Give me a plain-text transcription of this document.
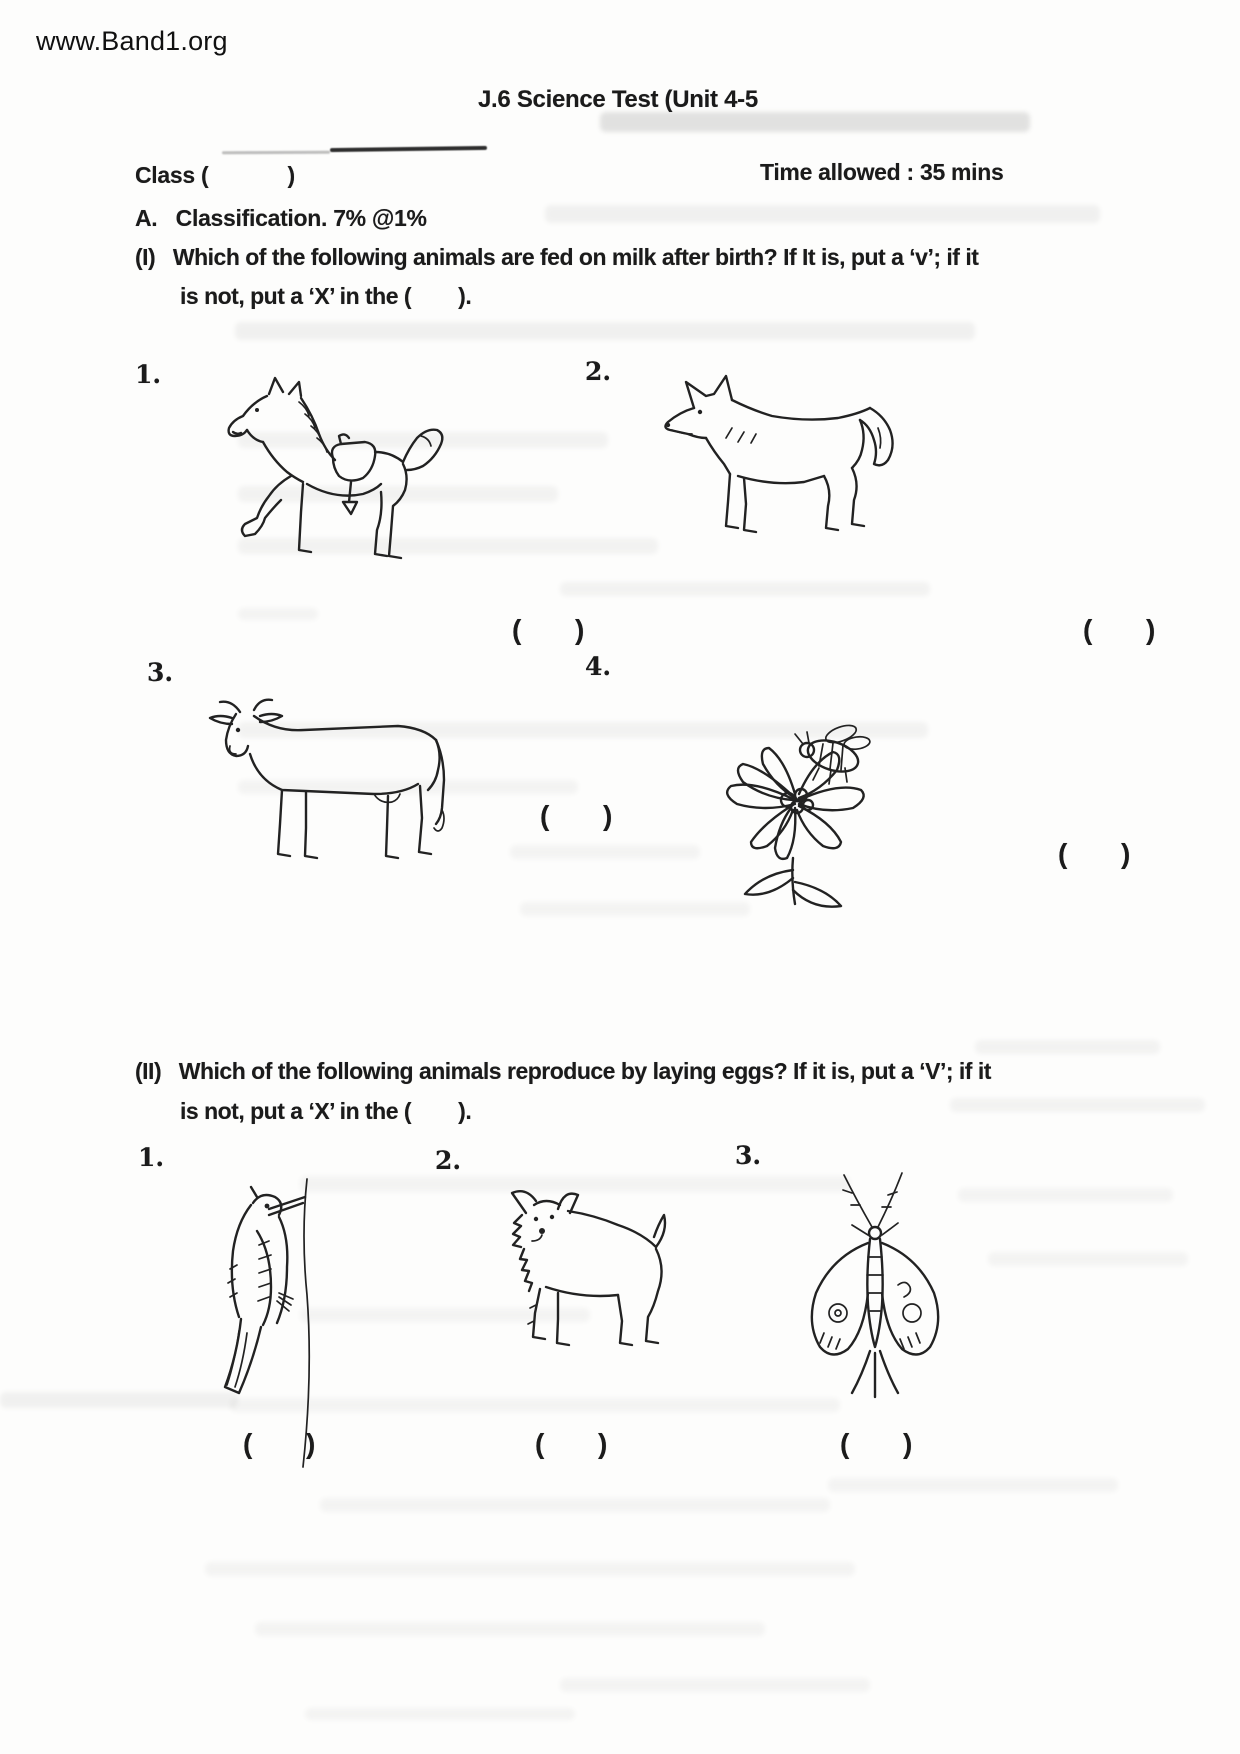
www.Band1.org
J.6 Science Test (Unit 4-5
Class (             )	Time allowed : 35 mins
A.   Classification. 7% @1%
(I)   Which of the following animals are fed on milk after birth? If It is, put a ‘v’; if it
is not, put a ‘X’ in the (        ).
1.	2.
3.	4.
(      )	(      )
(      )
(      )
(II)   Which of the following animals reproduce by laying eggs? If it is, put a ‘V’; if it
is not, put a ‘X’ in the (        ).
1.	2.	3.
(      )	(      )	(      )
